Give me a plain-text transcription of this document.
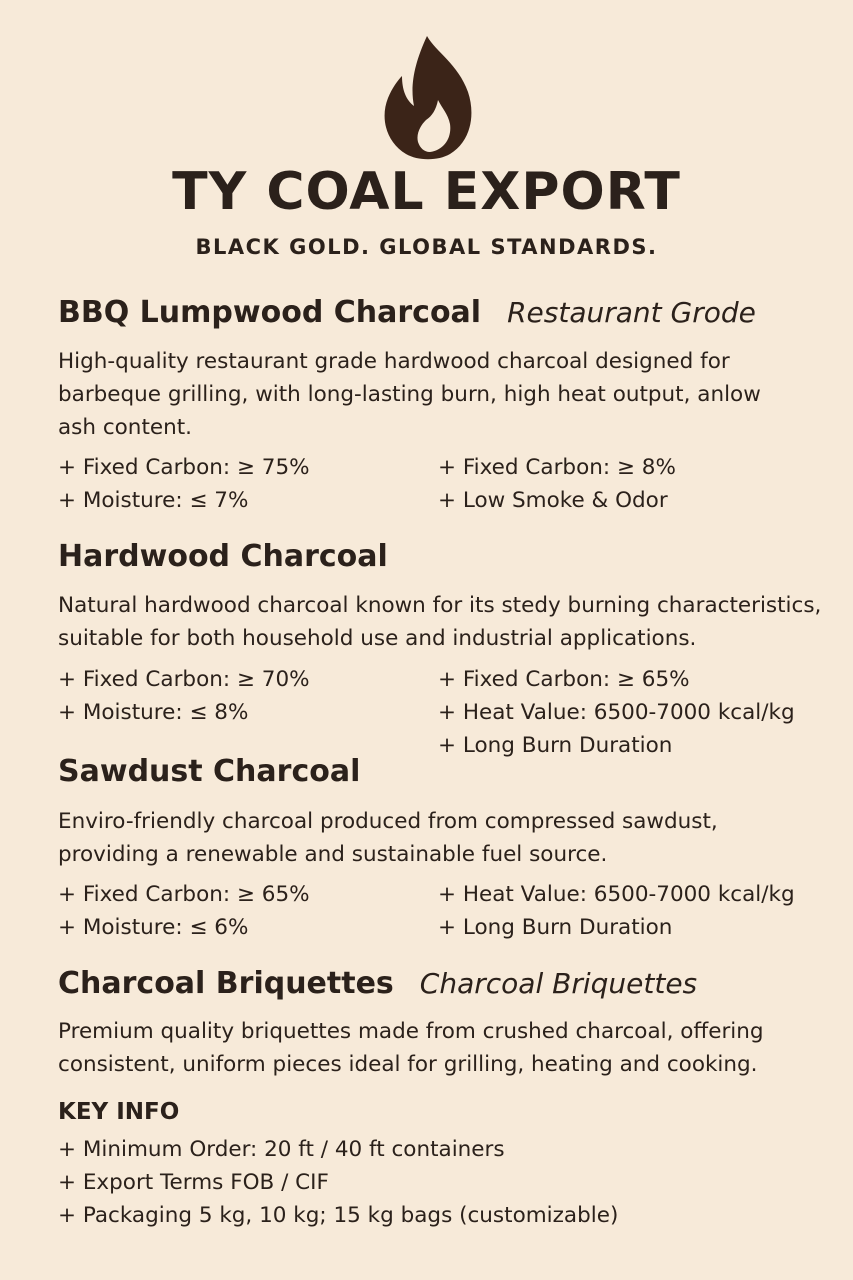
TY COAL EXPORT
BLACK GOLD. GLOBAL STANDARDS.
BBQ Lumpwood Charcoal Restaurant Grode
High-quality restaurant grade hardwood charcoal designed for
barbeque grilling, with long-lasting burn, high heat output, anlow
ash content.
+ Fixed Carbon: ≥ 75%
+ Moisture: ≤ 7%
+ Fixed Carbon: ≥ 8%
+ Low Smoke & Odor
Hardwood Charcoal
Natural hardwood charcoal known for its stedy burning characteristics,
suitable for both household use and industrial applications.
+ Fixed Carbon: ≥ 70%
+ Moisture: ≤ 8%
+ Fixed Carbon: ≥ 65%
+ Heat Value: 6500-7000 kcal/kg
+ Long Burn Duration
Sawdust Charcoal
Enviro-friendly charcoal produced from compressed sawdust,
providing a renewable and sustainable fuel source.
+ Fixed Carbon: ≥ 65%
+ Moisture: ≤ 6%
+ Heat Value: 6500-7000 kcal/kg
+ Long Burn Duration
Charcoal Briquettes Charcoal Briquettes
Premium quality briquettes made from crushed charcoal, offering
consistent, uniform pieces ideal for grilling, heating and cooking.
KEY INFO
+ Minimum Order: 20 ft / 40 ft containers
+ Export Terms FOB / CIF
+ Packaging 5 kg, 10 kg; 15 kg bags (customizable)
